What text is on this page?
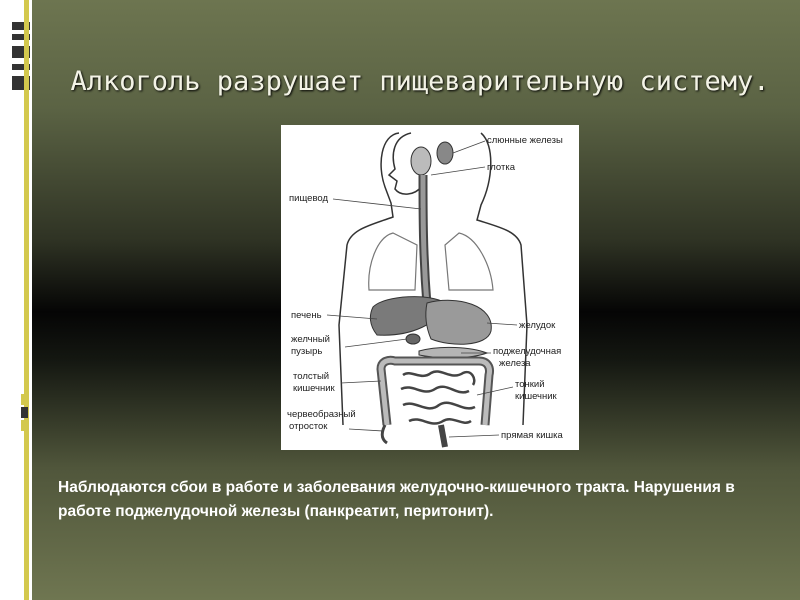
Алкоголь разрушает пищеварительную систему.
слюнные железы
глотка
пищевод
печень
желудок
желчный
пузырь	поджелудочная
железа
толстый
кишечник	тонкий
кишечник
червеобразный
отросток
прямая кишка
Наблюдаются сбои в работе и заболевания желудочно-кишечного тракта. Нарушения в работе поджелудочной железы (панкреатит, перитонит).
